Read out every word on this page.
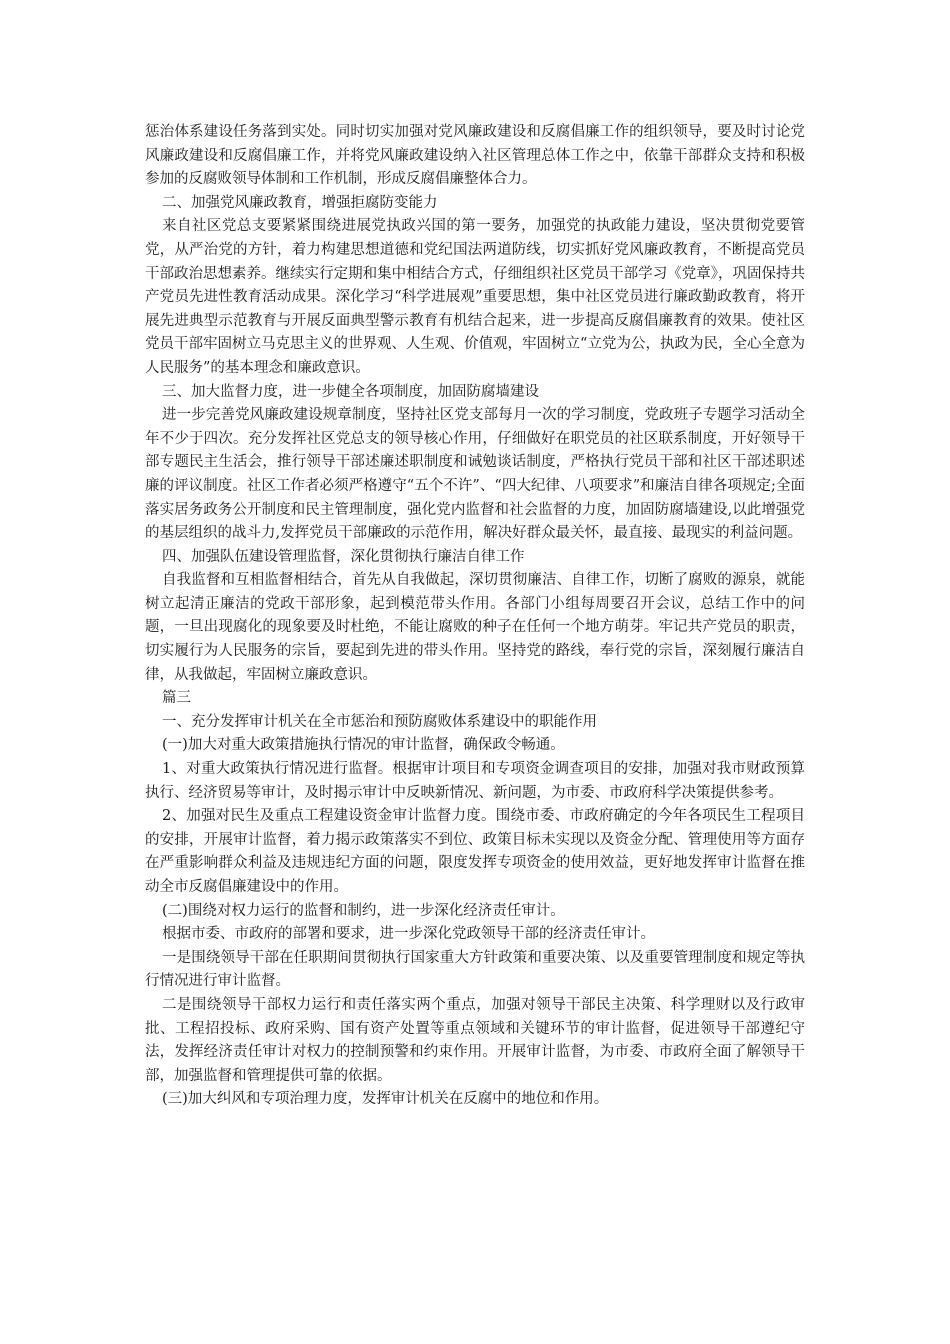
惩治体系建设任务落到实处。同时切实加强对党风廉政建设和反腐倡廉工作的组织领导，要及时讨论党风廉政建设和反腐倡廉工作，并将党风廉政建设纳入社区管理总体工作之中，依靠干部群众支持和积极参加的反腐败领导体制和工作机制，形成反腐倡廉整体合力。

二、加强党风廉政教育，增强拒腐防变能力

来自社区党总支要紧紧围绕进展党执政兴国的第一要务，加强党的执政能力建设，坚决贯彻党要管党，从严治党的方针，着力构建思想道德和党纪国法两道防线，切实抓好党风廉政教育，不断提高党员干部政治思想素养。继续实行定期和集中相结合方式，仔细组织社区党员干部学习《党章》，巩固保持共产党员先进性教育活动成果。深化学习“科学进展观”重要思想，集中社区党员进行廉政勤政教育，将开展先进典型示范教育与开展反面典型警示教育有机结合起来，进一步提高反腐倡廉教育的效果。使社区党员干部牢固树立马克思主义的世界观、人生观、价值观，牢固树立“立党为公，执政为民，全心全意为人民服务”的基本理念和廉政意识。

三、加大监督力度，进一步健全各项制度，加固防腐墙建设

进一步完善党风廉政建设规章制度，坚持社区党支部每月一次的学习制度，党政班子专题学习活动全年不少于四次。充分发挥社区党总支的领导核心作用，仔细做好在职党员的社区联系制度，开好领导干部专题民主生活会，推行领导干部述廉述职制度和诫勉谈话制度，严格执行党员干部和社区干部述职述廉的评议制度。社区工作者必须严格遵守“五个不许”、“四大纪律、八项要求”和廉洁自律各项规定;全面落实居务政务公开制度和民主管理制度，强化党内监督和社会监督的力度，加固防腐墙建设,以此增强党的基层组织的战斗力,发挥党员干部廉政的示范作用，解决好群众最关怀，最直接、最现实的利益问题。

四、加强队伍建设管理监督，深化贯彻执行廉洁自律工作

自我监督和互相监督相结合，首先从自我做起，深切贯彻廉洁、自律工作，切断了腐败的源泉，就能树立起清正廉洁的党政干部形象，起到模范带头作用。各部门小组每周要召开会议，总结工作中的问题，一旦出现腐化的现象要及时杜绝，不能让腐败的种子在任何一个地方萌芽。牢记共产党员的职责，切实履行为人民服务的宗旨，要起到先进的带头作用。坚持党的路线，奉行党的宗旨，深刻履行廉洁自律，从我做起，牢固树立廉政意识。

篇三

一、充分发挥审计机关在全市惩治和预防腐败体系建设中的职能作用

(一)加大对重大政策措施执行情况的审计监督，确保政令畅通。

1、对重大政策执行情况进行监督。根据审计项目和专项资金调查项目的安排，加强对我市财政预算执行、经济贸易等审计，及时揭示审计中反映新情况、新问题，为市委、市政府科学决策提供参考。

2、加强对民生及重点工程建设资金审计监督力度。围绕市委、市政府确定的今年各项民生工程项目的安排，开展审计监督，着力揭示政策落实不到位、政策目标未实现以及资金分配、管理使用等方面存在严重影响群众利益及违规违纪方面的问题，限度发挥专项资金的使用效益，更好地发挥审计监督在推动全市反腐倡廉建设中的作用。

(二)围绕对权力运行的监督和制约，进一步深化经济责任审计。

根据市委、市政府的部署和要求，进一步深化党政领导干部的经济责任审计。

一是围绕领导干部在任职期间贯彻执行国家重大方针政策和重要决策、以及重要管理制度和规定等执行情况进行审计监督。

二是围绕领导干部权力运行和责任落实两个重点，加强对领导干部民主决策、科学理财以及行政审批、工程招投标、政府采购、国有资产处置等重点领域和关键环节的审计监督，促进领导干部遵纪守法，发挥经济责任审计对权力的控制预警和约束作用。开展审计监督，为市委、市政府全面了解领导干部，加强监督和管理提供可靠的依据。

(三)加大纠风和专项治理力度，发挥审计机关在反腐中的地位和作用。
